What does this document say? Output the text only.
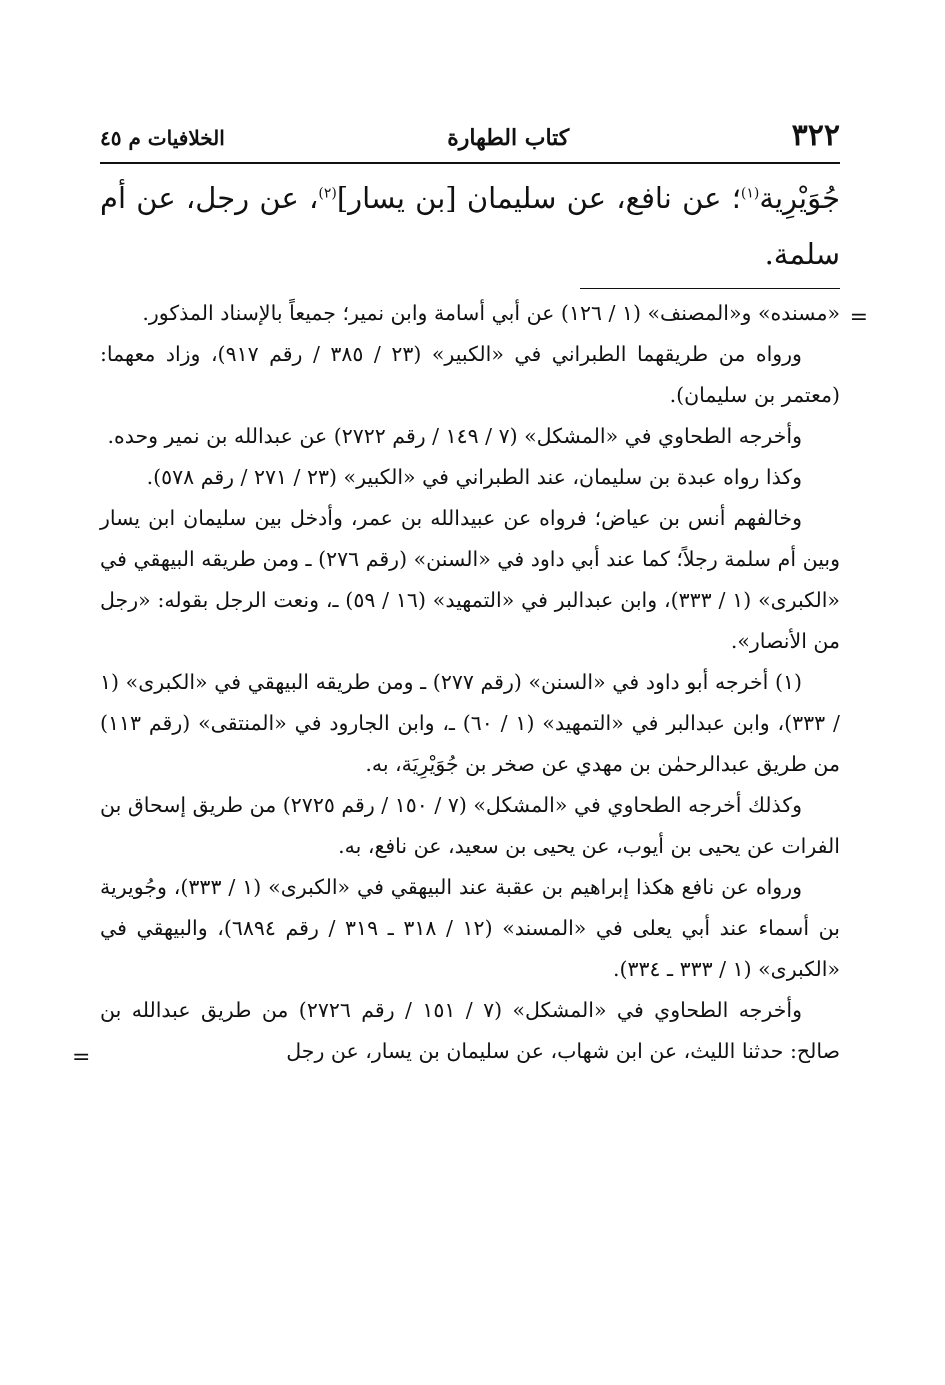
٣٢٢
كتاب الطهارة
الخلافيات م ٤٥
جُوَيْرِية$^{(١)}$؛ عن نافع، عن سليمان [بن يسار]$^{(٢)}$، عن رجل، عن أم سلمة.
=

«مسنده» و«المصنف» (١ / ١٢٦) عن أبي أسامة وابن نمير؛ جميعاً بالإسناد المذكور.

ورواه من طريقهما الطبراني في «الكبير» (٢٣ / ٣٨٥ / رقم ٩١٧)، وزاد معهما: (معتمر بن سليمان).

وأخرجه الطحاوي في «المشكل» (٧ / ١٤٩ / رقم ٢٧٢٢) عن عبدالله بن نمير وحده.

وكذا رواه عبدة بن سليمان، عند الطبراني في «الكبير» (٢٣ / ٢٧١ / رقم ٥٧٨).

وخالفهم أنس بن عياض؛ فرواه عن عبيدالله بن عمر، وأدخل بين سليمان ابن يسار وبين أم سلمة رجلاً؛ كما عند أبي داود في «السنن» (رقم ٢٧٦) ـ ومن طريقه البيهقي في «الكبرى» (١ / ٣٣٣)، وابن عبدالبر في «التمهيد» (١٦ / ٥٩) ـ، ونعت الرجل بقوله: «رجل من الأنصار».

(١) أخرجه أبو داود في «السنن» (رقم ٢٧٧) ـ ومن طريقه البيهقي في «الكبرى» (١ / ٣٣٣)، وابن عبدالبر في «التمهيد» (١ / ٦٠) ـ، وابن الجارود في «المنتقى» (رقم ١١٣) من طريق عبدالرحمٰن بن مهدي عن صخر بن جُوَيْرِيَة، به.

وكذلك أخرجه الطحاوي في «المشكل» (٧ / ١٥٠ / رقم ٢٧٢٥) من طريق إسحاق بن الفرات عن يحيى بن أيوب، عن يحيى بن سعيد، عن نافع، به.

ورواه عن نافع هكذا إبراهيم بن عقبة عند البيهقي في «الكبرى» (١ / ٣٣٣)، وجُويرية بن أسماء عند أبي يعلى في «المسند» (١٢ / ٣١٨ ـ ٣١٩ / رقم ٦٨٩٤)، والبيهقي في «الكبرى» (١ / ٣٣٣ ـ ٣٣٤).

وأخرجه الطحاوي في «المشكل» (٧ / ١٥١ / رقم ٢٧٢٦) من طريق عبدالله بن صالح: حدثنا الليث، عن ابن شهاب، عن سليمان بن يسار، عن رجل

=
